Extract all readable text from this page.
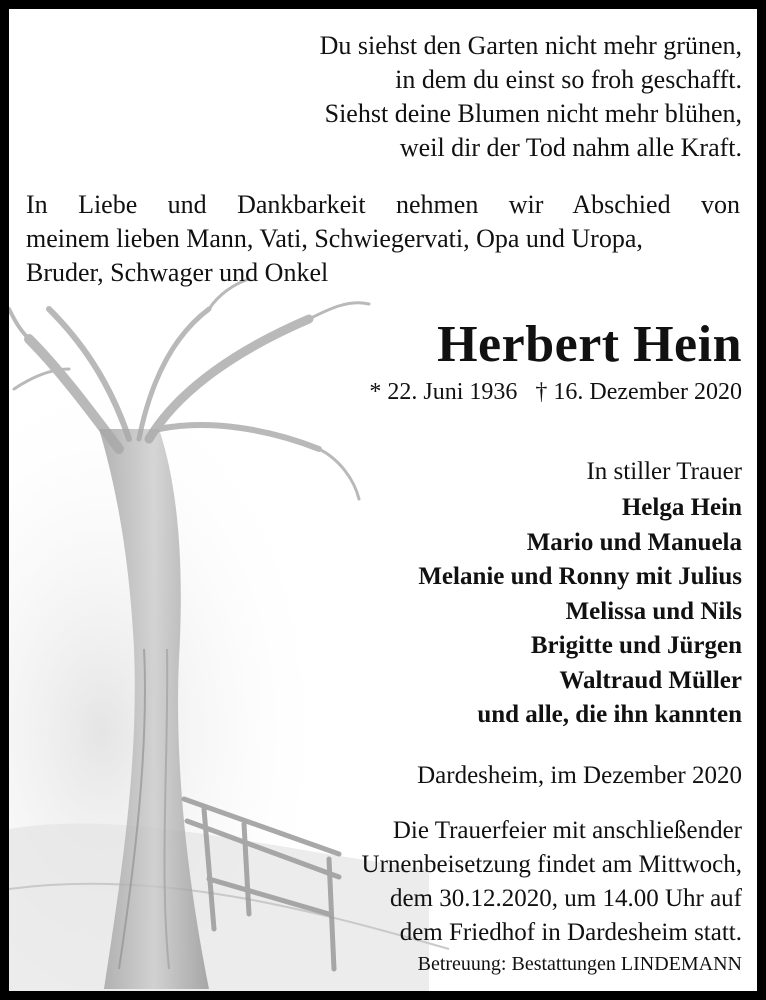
Du siehst den Garten nicht mehr grünen,
in dem du einst so froh geschafft.
Siehst deine Blumen nicht mehr blühen,
weil dir der Tod nahm alle Kraft.
In Liebe und Dankbarkeit nehmen wir Abschied von
meinem lieben Mann, Vati, Schwiegervati, Opa und Uropa,
Bruder, Schwager und Onkel
Herbert Hein
* 22. Juni 1936   † 16. Dezember 2020
In stiller Trauer
Helga Hein
Mario und Manuela
Melanie und Ronny mit Julius
Melissa und Nils
Brigitte und Jürgen
Waltraud Müller
und alle, die ihn kannten
Dardesheim, im Dezember 2020
Die Trauerfeier mit anschließender
Urnenbeisetzung findet am Mittwoch,
dem 30.12.2020, um 14.00 Uhr auf
dem Friedhof in Dardesheim statt.
Betreuung: Bestattungen LINDEMANN
